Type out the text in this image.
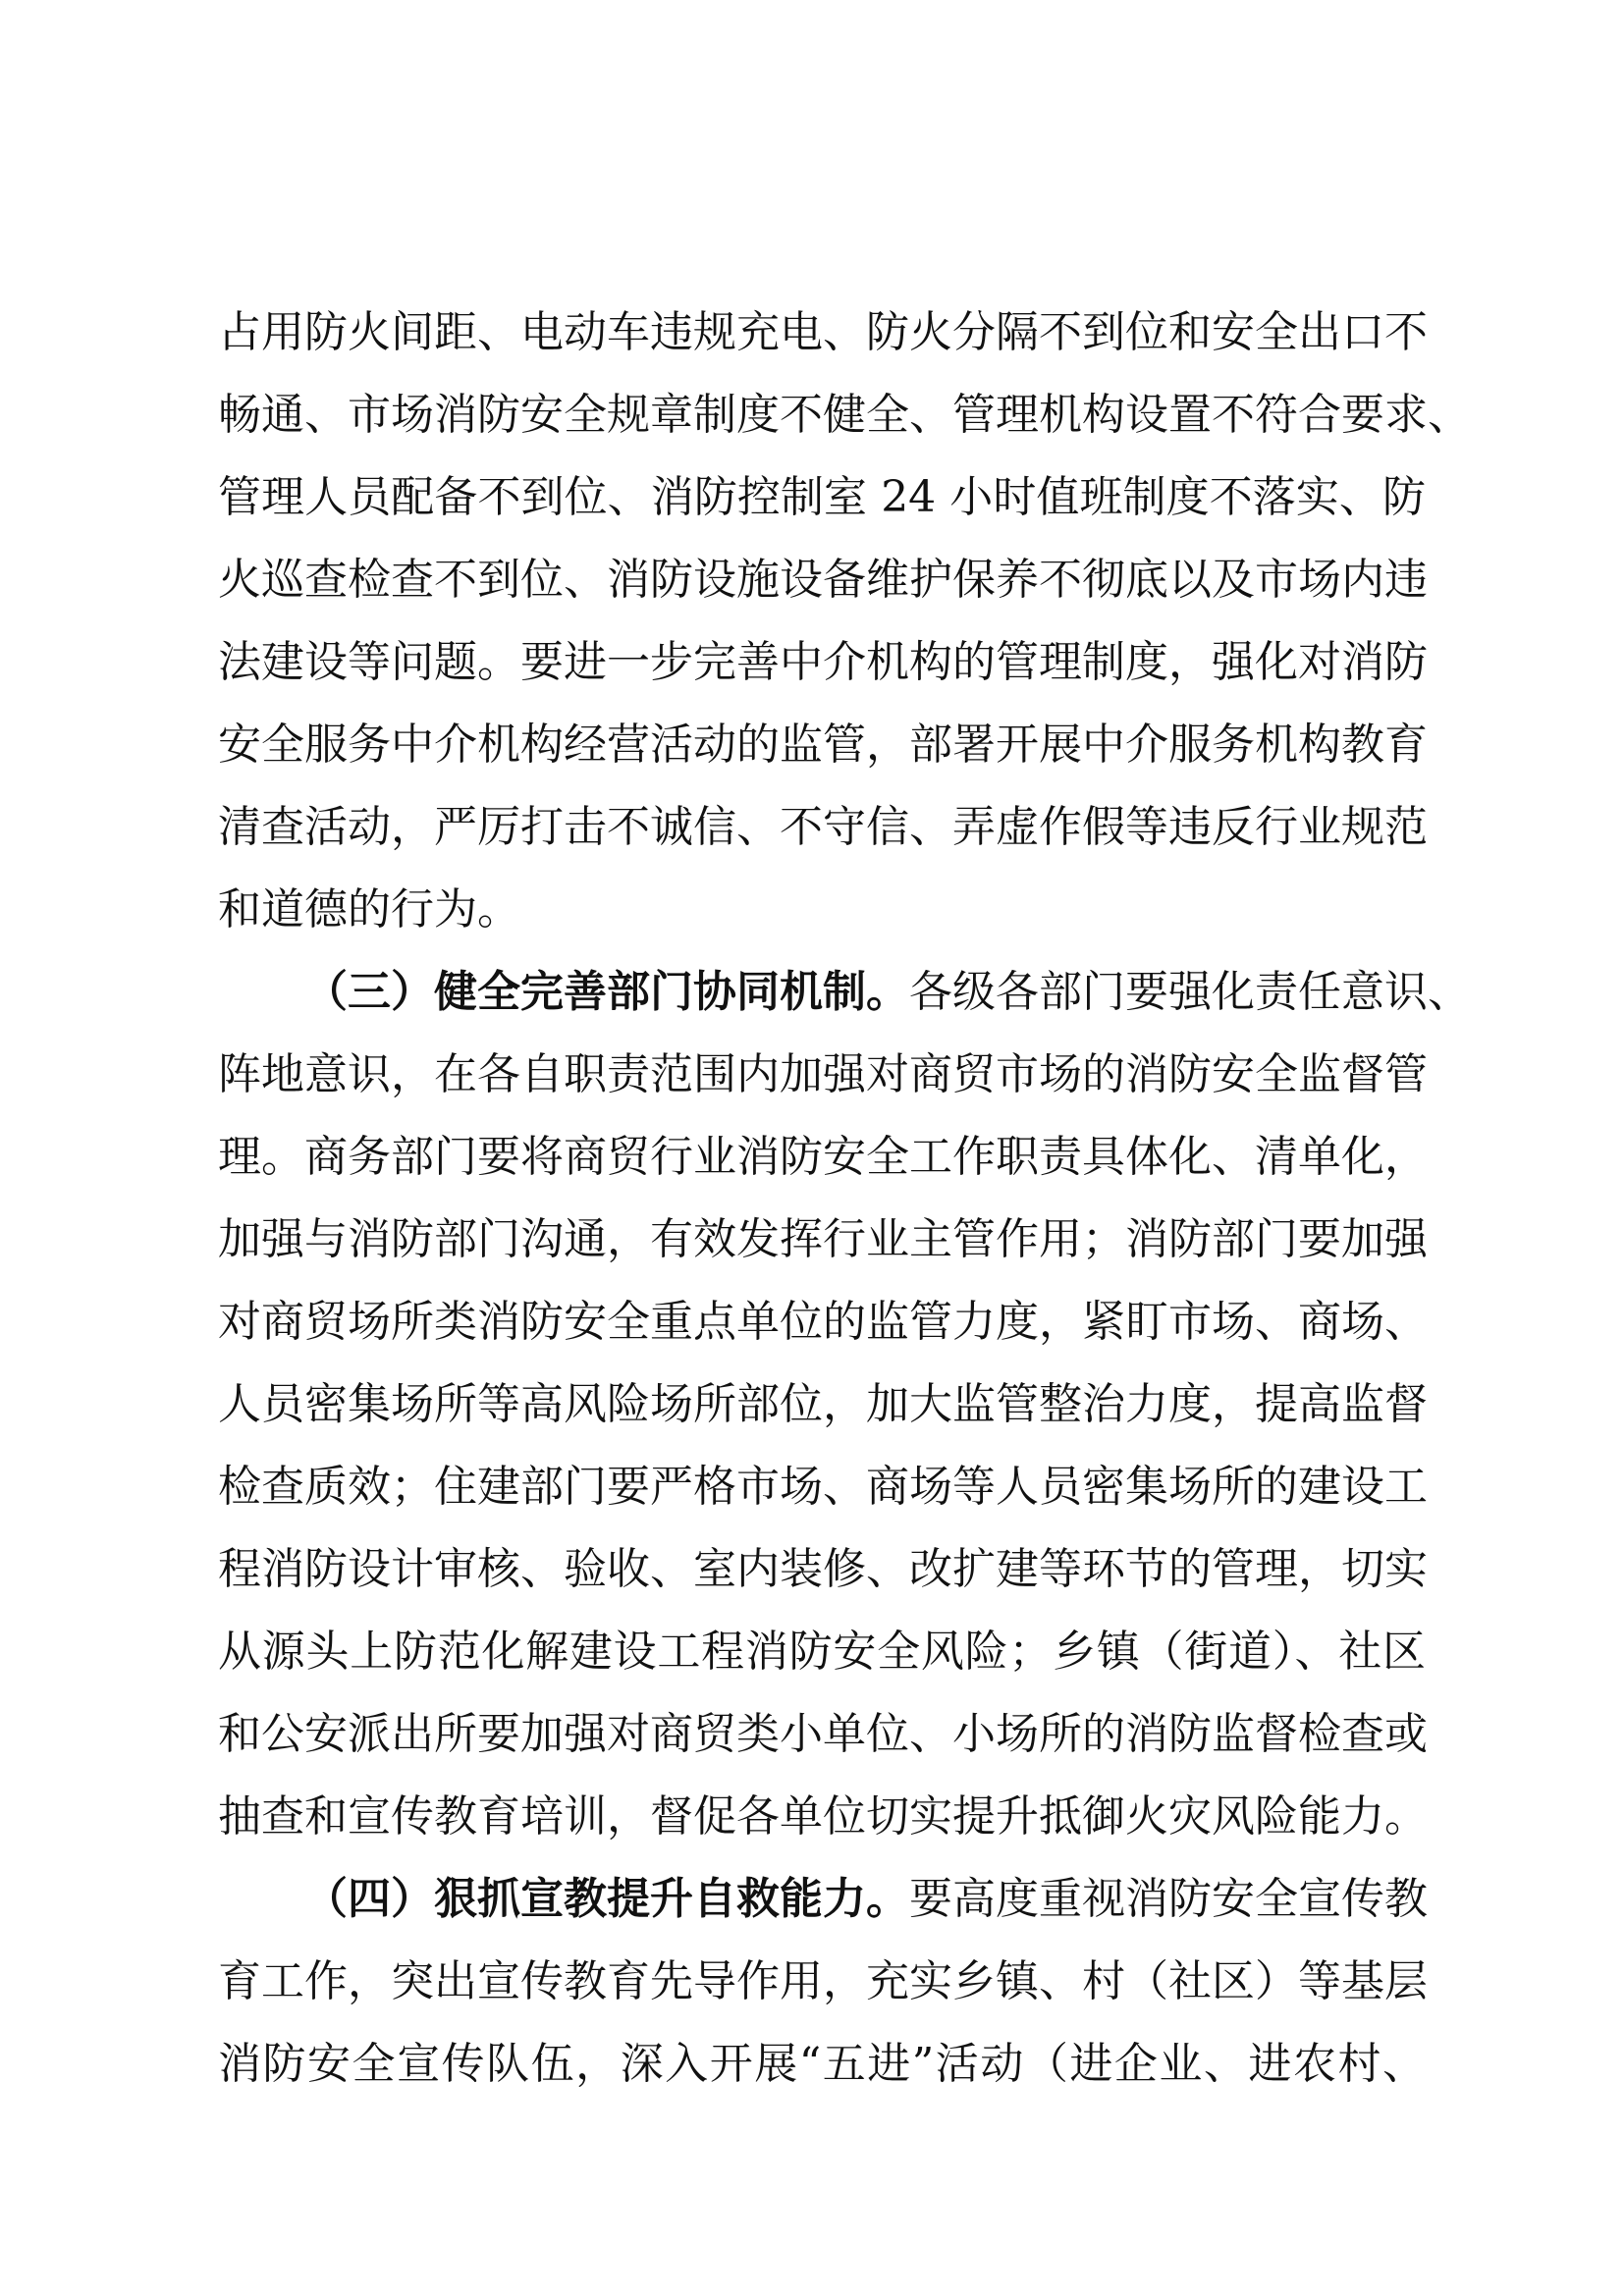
占用防火间距、电动车违规充电、防火分隔不到位和安全出口不
畅通、市场消防安全规章制度不健全、管理机构设置不符合要求、
管理人员配备不到位、消防控制室 24 小时值班制度不落实、防
火巡查检查不到位、消防设施设备维护保养不彻底以及市场内违
法建设等问题。要进一步完善中介机构的管理制度，强化对消防
安全服务中介机构经营活动的监管，部署开展中介服务机构教育
清查活动，严厉打击不诚信、不守信、弄虚作假等违反行业规范
和道德的行为。
（三）健全完善部门协同机制。各级各部门要强化责任意识、
阵地意识，在各自职责范围内加强对商贸市场的消防安全监督管
理。商务部门要将商贸行业消防安全工作职责具体化、清单化，
加强与消防部门沟通，有效发挥行业主管作用；消防部门要加强
对商贸场所类消防安全重点单位的监管力度，紧盯市场、商场、
人员密集场所等高风险场所部位，加大监管整治力度，提高监督
检查质效；住建部门要严格市场、商场等人员密集场所的建设工
程消防设计审核、验收、室内装修、改扩建等环节的管理，切实
从源头上防范化解建设工程消防安全风险；乡镇（街道）、社区
和公安派出所要加强对商贸类小单位、小场所的消防监督检查或
抽查和宣传教育培训，督促各单位切实提升抵御火灾风险能力。
（四）狠抓宣教提升自救能力。要高度重视消防安全宣传教
育工作，突出宣传教育先导作用，充实乡镇、村（社区）等基层
消防安全宣传队伍，深入开展“五进”活动（进企业、进农村、
